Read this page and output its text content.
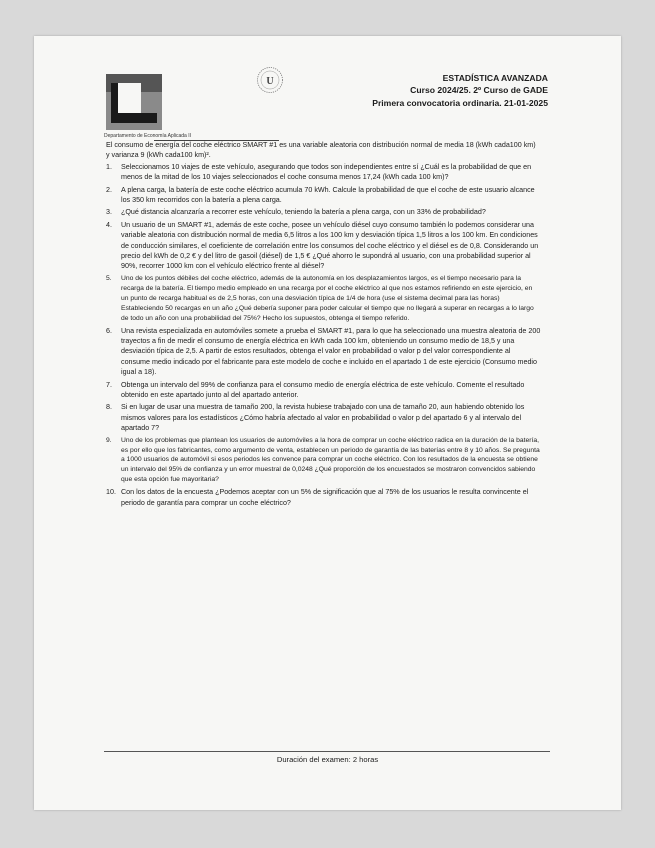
Departamento de Economía Aplicada II
U	ESTADÍSTICA AVANZADA
Curso 2024/25. 2º Curso de GADE
Primera convocatoria ordinaria. 21-01-2025

El consumo de energía del coche eléctrico SMART #1 es una variable aleatoria con distribución normal de media 18 (kWh cada100 km) y varianza 9 (kWh cada100 km)².

1. Seleccionamos 10 viajes de este vehículo, asegurando que todos son independientes entre sí ¿Cuál es la probabilidad de que en menos de la mitad de los 10 viajes seleccionados el coche consuma menos 17,24 (kWh cada 100 km)?
2. A plena carga, la batería de este coche eléctrico acumula 70 kWh. Calcule la probabilidad de que el coche de este usuario alcance los 350 km recorridos con la batería a plena carga.
3. ¿Qué distancia alcanzaría a recorrer este vehículo, teniendo la batería a plena carga, con un 33% de probabilidad?
4. Un usuario de un SMART #1, además de este coche, posee un vehículo diésel cuyo consumo también lo podemos considerar una variable aleatoria con distribución normal de media 6,5 litros a los 100 km y desviación típica 1,5 litros a los 100 km. En condiciones de conducción similares, el coeficiente de correlación entre los consumos del coche eléctrico y el diésel es de 0,8. Considerando un precio del kWh de 0,2 € y del litro de gasoil (diésel) de 1,5 € ¿Qué ahorro le supondrá al usuario, con una probabilidad superior al 90%, recorrer 1000 km con el vehículo eléctrico frente al diésel?
5. Uno de los puntos débiles del coche eléctrico, además de la autonomía en los desplazamientos largos, es el tiempo necesario para la recarga de la batería. El tiempo medio empleado en una recarga por el coche eléctrico al que nos estamos refiriendo en este ejercicio, en un punto de recarga habitual es de 2,5 horas, con una desviación típica de 1/4 de hora (use el sistema decimal para las horas) Estableciendo 50 recargas en un año ¿Qué debería suponer para poder calcular el tiempo que no llegará a superar en recargas a lo largo de todo un año con una probabilidad del 75%? Hecho los supuestos, obtenga el tiempo referido.
6. Una revista especializada en automóviles somete a prueba el SMART #1, para lo que ha seleccionado una muestra aleatoria de 200 trayectos a fin de medir el consumo de energía eléctrica en kWh cada 100 km, obteniendo un consumo medio de 18,5 y una desviación típica de 2,5. A partir de estos resultados, obtenga el valor en probabilidad o valor p del valor correspondiente al consume medio indicado por el fabricante para este modelo de coche e incluido en el apartado 1 de este ejercicio (Consumo medio igual a 18).
7. Obtenga un intervalo del 99% de confianza para el consumo medio de energía eléctrica de este vehículo. Comente el resultado obtenido en este apartado junto al del apartado anterior.
8. Si en lugar de usar una muestra de tamaño 200, la revista hubiese trabajado con una de tamaño 20, aun habiendo obtenido los mismos valores para los estadísticos ¿Cómo habría afectado al valor en probabilidad o valor p del apartado 6 y al intervalo del apartado 7?
9. Uno de los problemas que plantean los usuarios de automóviles a la hora de comprar un coche eléctrico radica en la duración de la batería, es por ello que los fabricantes, como argumento de venta, establecen un periodo de garantía de las baterías entre 8 y 10 años. Se pregunta a 1000 usuarios de automóvil si esos periodos les convence para comprar un coche eléctrico. Con los resultados de la encuesta se obtiene un intervalo del 95% de confianza y un error muestral de 0,0248 ¿Qué proporción de los encuestados se mostraron convencidos sabiendo que esta opción fue mayoritaria?
10. Con los datos de la encuesta ¿Podemos aceptar con un 5% de significación que al 75% de los usuarios le resulta convincente el periodo de garantía para comprar un coche eléctrico?
Duración del examen: 2 horas
